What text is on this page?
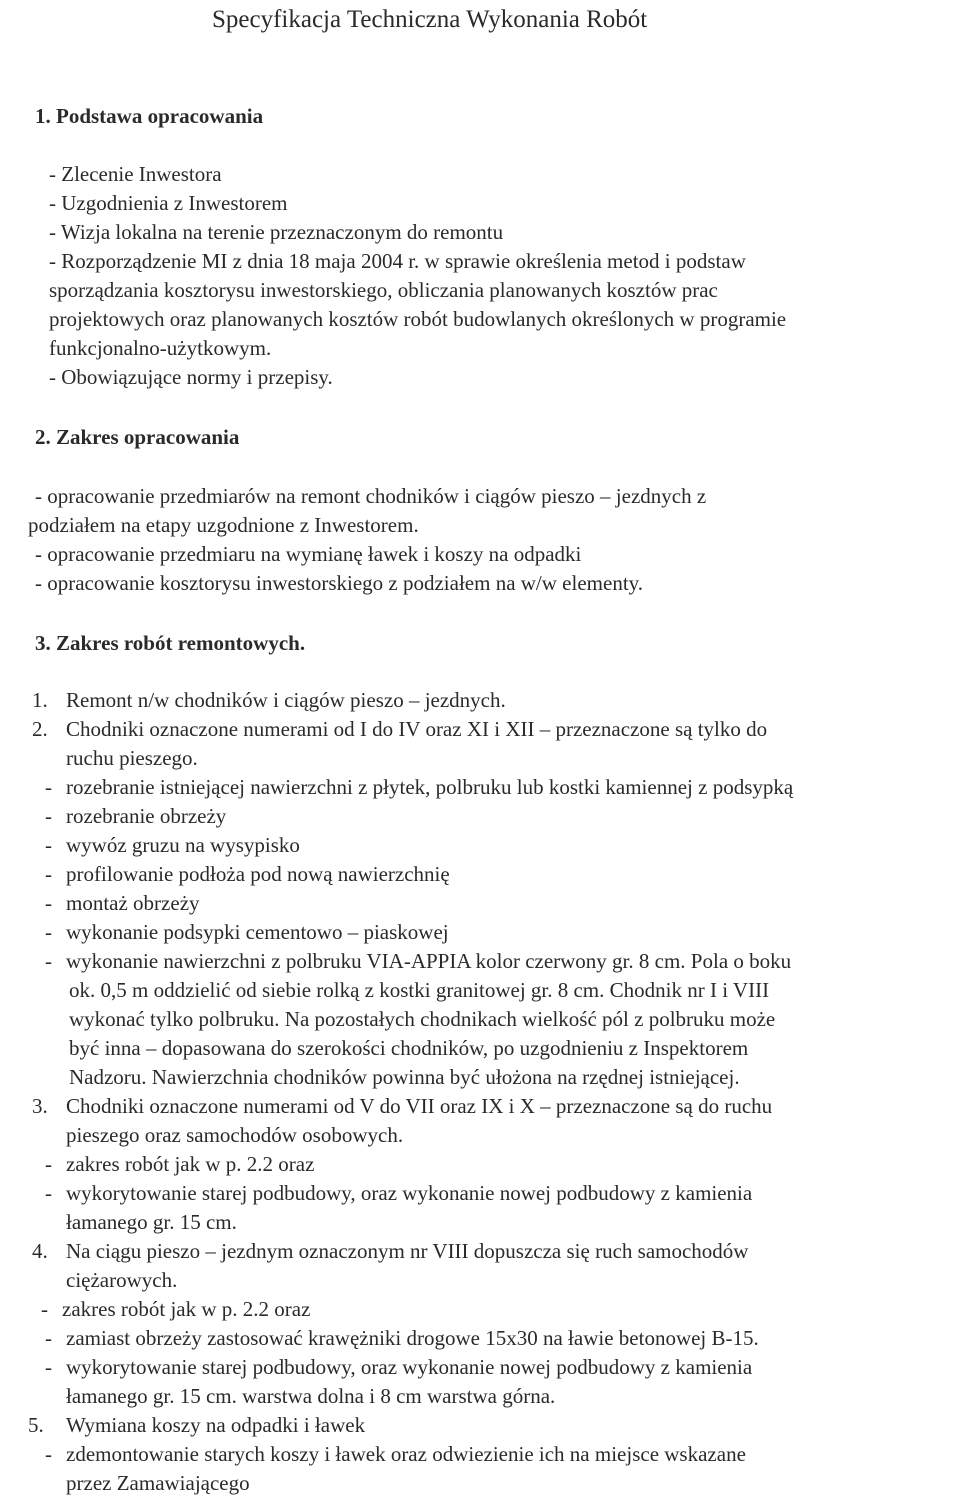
Specyfikacja Techniczna Wykonania Robót
1. Podstawa opracowania
- Zlecenie Inwestora
- Uzgodnienia z Inwestorem
- Wizja lokalna na terenie przeznaczonym do remontu
- Rozporządzenie MI z dnia 18 maja 2004 r. w sprawie określenia metod i podstaw
sporządzania kosztorysu inwestorskiego, obliczania planowanych kosztów prac
projektowych oraz planowanych kosztów robót budowlanych określonych w programie
funkcjonalno-użytkowym.
- Obowiązujące normy i przepisy.
2. Zakres opracowania
- opracowanie przedmiarów na remont chodników i ciągów pieszo – jezdnych z
podziałem na etapy uzgodnione z Inwestorem.
- opracowanie przedmiaru na wymianę ławek i koszy na odpadki
- opracowanie kosztorysu inwestorskiego z podziałem na w/w elementy.
3. Zakres robót remontowych.
1. Remont n/w chodników i ciągów pieszo – jezdnych.
2. Chodniki oznaczone numerami od I do IV oraz XI i XII – przeznaczone są tylko do
ruchu pieszego.
- rozebranie istniejącej nawierzchni z płytek, polbruku lub kostki kamiennej z podsypką
- rozebranie obrzeży
- wywóz gruzu na wysypisko
- profilowanie podłoża pod nową nawierzchnię
- montaż obrzeży
- wykonanie podsypki cementowo – piaskowej
- wykonanie nawierzchni z polbruku VIA-APPIA kolor czerwony gr. 8 cm. Pola o boku
ok. 0,5 m oddzielić od siebie rolką z kostki granitowej gr. 8 cm. Chodnik nr I i VIII
wykonać tylko polbruku. Na pozostałych chodnikach wielkość pól z polbruku może
być inna – dopasowana do szerokości chodników, po uzgodnieniu z Inspektorem
Nadzoru. Nawierzchnia chodników powinna być ułożona na rzędnej istniejącej.
3. Chodniki oznaczone numerami od V do VII oraz IX i X – przeznaczone są do ruchu
pieszego oraz samochodów osobowych.
- zakres robót jak w p. 2.2 oraz
- wykorytowanie starej podbudowy, oraz wykonanie nowej podbudowy z kamienia
łamanego gr. 15 cm.
4. Na ciągu pieszo – jezdnym oznaczonym nr VIII dopuszcza się ruch samochodów
ciężarowych.
- zakres robót jak w p. 2.2 oraz
- zamiast obrzeży zastosować krawężniki drogowe 15x30 na ławie betonowej B-15.
- wykorytowanie starej podbudowy, oraz wykonanie nowej podbudowy z kamienia
łamanego gr. 15 cm. warstwa dolna i 8 cm warstwa górna.
5. Wymiana koszy na odpadki i ławek
- zdemontowanie starych koszy i ławek oraz odwiezienie ich na miejsce wskazane
przez Zamawiającego
